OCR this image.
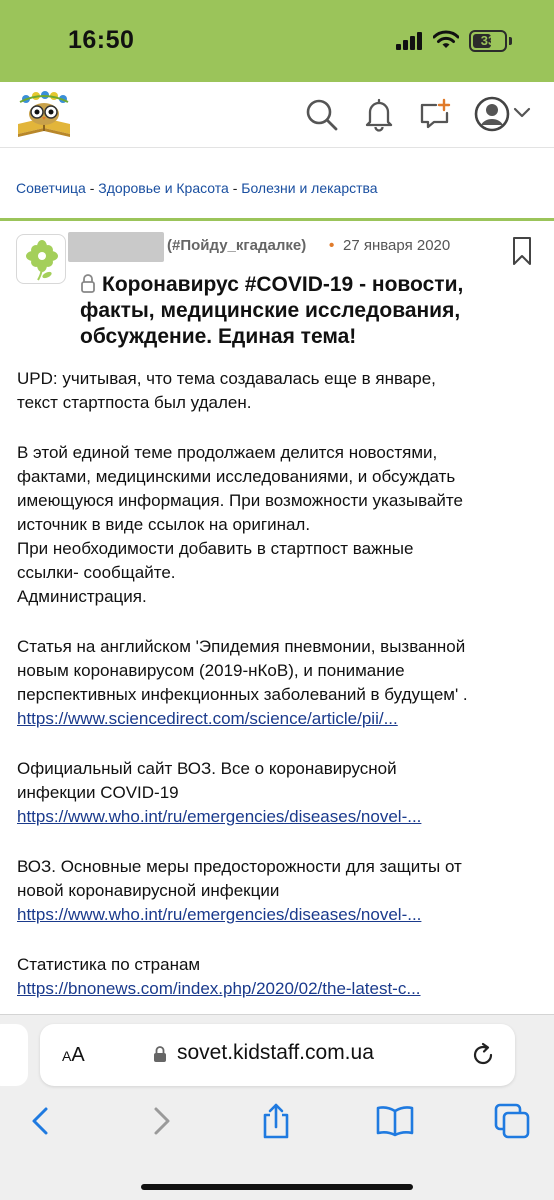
16:50	33
Советчица - Здоровье и Красота - Болезни и лекарства
(#Пойду_кгадалке) • 27 января 2020
Коронавирус #COVID-19 - новости, факты, медицинские исследования, обсуждение. Единая тема!

UPD: учитывая, что тема создавалась еще в январе,

текст стартпоста был удален.

В этой единой теме продолжаем делится новостями,

фактами, медицинскими исследованиями, и обсуждать

имеющуюся информация. При возможности указывайте

источник в виде ссылок на оригинал.

При необходимости добавить в стартпост важные

ссылки- сообщайте.

Администрация.

Статья на английском 'Эпидемия пневмонии, вызванной

новым коронавирусом (2019-нКоВ), и понимание

перспективных инфекционных заболеваний в будущем' .

https://www.sciencedirect.com/science/article/pii/...

Официальный сайт ВОЗ. Все о коронавирусной

инфекции COVID-19

https://www.who.int/ru/emergencies/diseases/novel-...

ВОЗ. Основные меры предосторожности для защиты от

новой коронавирусной инфекции

https://www.who.int/ru/emergencies/diseases/novel-...

Статистика по странам

https://bnonews.com/index.php/2020/02/the-latest-c...

AA	sovet.kidstaff.com.ua
